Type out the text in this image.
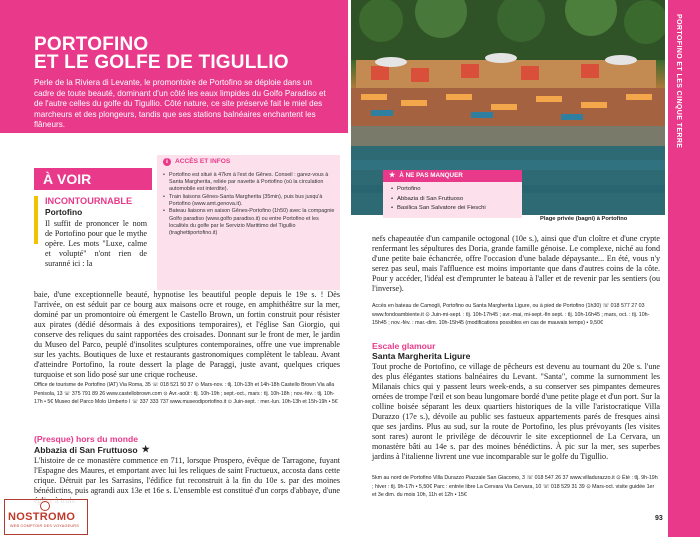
PORTOFINO
ET LE GOLFE DE TIGULLIO

Perle de la Riviera di Levante, le promontoire de Portofino se déploie dans un cadre de toute beauté, dominant d'un côté les eaux limpides du Golfo Paradiso et de l'autre celles du golfe du Tigullio. Côté nature, ce site préservé fait le miel des marcheurs et des plongeurs, tandis que ses stations balnéaires enchantent les flâneurs.

À VOIR
i	ACCÈS ET INFOS
• Portofino est situé à 47km à l'est de Gênes. Conseil : garez-vous à Santa Margherita, reliée par navette à Portofino (où la circulation automobile est interdite).
• Train liaisons Gênes-Santa Margherita (35min), puis bus jusqu'à Portofino (www.amt.genova.it).
• Bateau liaisons en saison Gênes-Portofino (1h50) avec la compagnie Golfo paradiso (www.golfo paradiso.it) ou entre Portofino et les localités du golfe par le Servizio Marittimo del Tigullio (traghettiportofino.it)
INCONTOURNABLE
Portofino

Il suffit de prononcer le nom de Portofino pour que le mythe opère. Les mots "Luxe, calme et volupté" n'ont rien de suranné ici : la

baie, d'une exceptionnelle beauté, hypnotise les beautiful people depuis le 19e s. ! Dès l'arrivée, on est séduit par ce bourg aux maisons ocre et rouge, en amphithéâtre sur la mer, dominé par un promontoire où émergent le Castello Brown, un fortin construit pour résister aux pirates (dédié désormais à des expositions temporaires), et l'église San Giorgio, qui conserve des reliques du saint rapportées des croisades. Donnant sur le front de mer, le jardin du Museo del Parco, peuplé d'insolites sculptures contemporaines, offre une vue imprenable sur les yachts. Boutiques de luxe et restaurants gastronomiques complètent le tableau. Avant d'atteindre Portofino, la route dessert la plage de Paraggi, juste avant, quelques criques turquoise et son lido posé sur une crique rocheuse.

Office de tourisme de Portofino (IAT) Via Roma, 35 ☏ 018 521 50 37 ⊙ Mars-nov. : tlj. 10h-13h et 14h-18h Castello Brown Via alla Penisola, 13 ☏ 375 791 89 26 www.castellobrown.com ⊙ Avr.-août : tlj. 10h-19h ; sept.-oct., mars : tlj. 10h-18h ; nov.-fév. : tlj. 10h-17h • 5€ Museo del Parco Molo Umberto I ☏ 337 333 737 www.museodiportofino.it ⊙ Juin-sept. : mer.-lun. 10h-13h et 15h-19h • 5€

(Presque) hors du monde
Abbazia di San Fruttuoso ★

L'histoire de ce monastère commence en 711, lorsque Prospero, évêque de Tarragone, fuyant l'Espagne des Maures, et emportant avec lui les reliques de saint Fructueux, accosta dans cette crique. Détruit par les Sarrasins, l'édifice fut reconstruit à la fin du 10e s. par des moines bénédictins, puis agrandi aux 13e et 16e s. L'ensemble est constitué d'un corps d'abbaye, d'une

NOSTROMO
WEB COMPTOIR DES VOYAGEURS
Plage privée (bagni) à Portofino
PORTOFINO ET LES CINQUE TERRE
★ À NE PAS MANQUER
• Portofino
• Abbazia di San Fruttuoso
• Basilica San Salvatore dei Fieschi

nefs chapeautée d'un campanile octogonal (10e s.), ainsi que d'un cloître et d'une crypte renfermant les sépultures des Doria, grande famille génoise. Le complexe, niché au fond d'une petite baie échancrée, offre l'occasion d'une balade dépaysante... En été, vous n'y serez pas seul, mais l'affluence est moins importante que dans d'autres coins de la côte. Pour y accéder, l'idéal est d'emprunter le bateau à l'aller et de revenir par les sentiers (ou l'inverse).

Accès en bateau de Camogli, Portofino ou Santa Margherita Ligure, ou à pied de Portofino (1h30) ☏ 018 577 27 03 www.fondoambiente.it ⊙ Juin-mi-sept. : tlj. 10h-17h45 ; avr.-mai, mi-sept.-fin sept. : tlj. 10h-16h45 ; mars, oct. : tlj. 10h-15h45 ; nov.-fév. : mar.-dim. 10h-15h45 (modifications possibles en cas de mauvais temps) • 9,50€

Escale glamour
Santa Margherita Ligure

Tout proche de Portofino, ce village de pêcheurs est devenu au tournant du 20e s. l'une des plus élégantes stations balnéaires du Levant. "Santa", comme la surnomment les Milanais chics qui y passent leurs week-ends, a su conserver ses pimpantes demeures ornées de trompe l'œil et son beau lungomare bordé d'une petite plage et d'un port. Sur la colline boisée séparant les deux quartiers historiques de la ville l'aristocratique Villa Durazzo (17e s.), dévoile au public ses fastueux appartements parés de fresques ainsi que ses jardins. Plus au sud, sur la route de Portofino, les plus prévoyants (les visites sont rares) auront le privilège de découvrir le site exceptionnel de La Cervara, un monastère bâti au 14e s. par des moines bénédictins. À pic sur la mer, ses superbes jardins à l'italienne livrent une vue incomparable sur le golfe du Tigullio.

5km au nord de Portofino Villa Durazzo Piazzale San Giacomo, 3 ☏ 018 547 26 37 www.villadurazzo.it ⊙ Été : tlj. 9h-19h ; hiver : tlj. 9h-17h • 5,50€ Parc : entrée libre La Cervara Via Cervara, 10 ☏ 018 529 31 39 ⊙ Mars-oct. visite guidée 1er et 3e dim. du mois 10h, 11h et 12h • 15€

93
